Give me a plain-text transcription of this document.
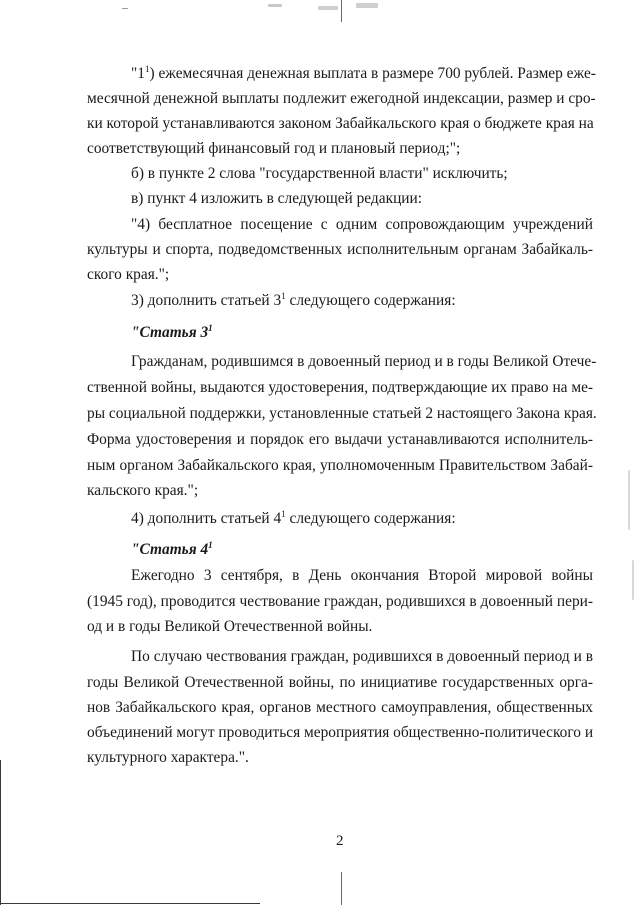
"$1^1$) ежемесячная денежная выплата в размере 700 рублей. Размер еже-
месячной денежной выплаты подлежит ежегодной индексации, размер и сро-
ки которой устанавливаются законом Забайкальского края о бюджете края на
соответствующий финансовый год и плановый период;";
б) в пункте 2 слова "государственной власти" исключить;
в) пункт 4 изложить в следующей редакции:
"4) бесплатное посещение с одним сопровождающим учреждений
культуры и спорта, подведомственных исполнительным органам Забайкаль-
ского края.";
3) дополнить статьей $3^1$ следующего содержания:
"Статья $3^1$
Гражданам, родившимся в довоенный период и в годы Великой Отече-
ственной войны, выдаются удостоверения, подтверждающие их право на ме-
ры социальной поддержки, установленные статьей 2 настоящего Закона края.
Форма удостоверения и порядок его выдачи устанавливаются исполнитель-
ным органом Забайкальского края, уполномоченным Правительством Забай-
кальского края.";
4) дополнить статьей $4^1$ следующего содержания:
"Статья $4^1$
Ежегодно 3 сентября, в День окончания Второй мировой войны
(1945 год), проводится чествование граждан, родившихся в довоенный пери-
од и в годы Великой Отечественной войны.
По случаю чествования граждан, родившихся в довоенный период и в
годы Великой Отечественной войны, по инициативе государственных орга-
нов Забайкальского края, органов местного самоуправления, общественных
объединений могут проводиться мероприятия общественно-политического и
культурного характера.".
2
